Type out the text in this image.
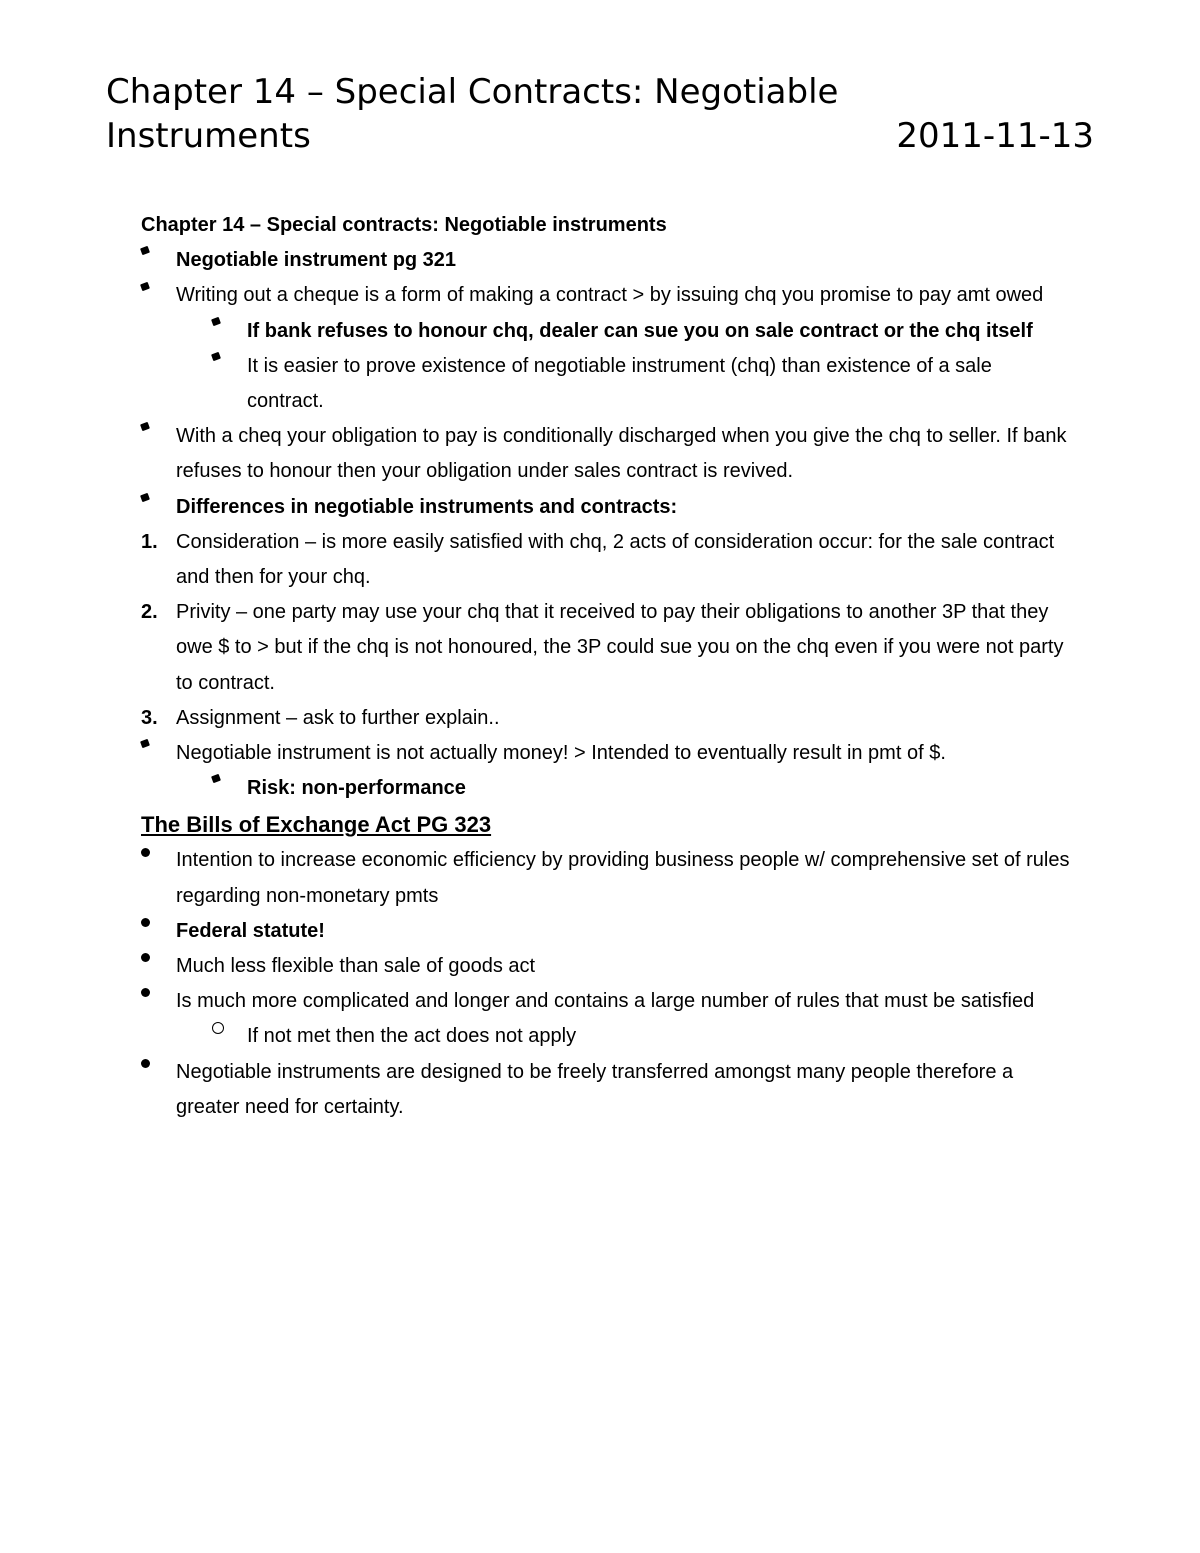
Chapter 14 – Special Contracts: Negotiable
Instruments	2011-11-13

Chapter 14 – Special contracts: Negotiable instruments

Negotiable instrument pg 321
Writing out a cheque is a form of making a contract > by issuing chq you promise to pay amt owed
If bank refuses to honour chq, dealer can sue you on sale contract or the chq itself
It is easier to prove existence of negotiable instrument (chq) than existence of a sale contract.
With a cheq your obligation to pay is conditionally discharged when you give the chq to seller. If bank refuses to honour then your obligation under sales contract is revived.
Differences in negotiable instruments and contracts:
1. Consideration – is more easily satisfied with chq, 2 acts of consideration occur: for the sale contract and then for your chq.
2. Privity – one party may use your chq that it received to pay their obligations to another 3P that they owe $ to > but if the chq is not honoured, the 3P could sue you on the chq even if you were not party to contract.
3. Assignment – ask to further explain..
Negotiable instrument is not actually money! > Intended to eventually result in pmt of $.
Risk: non-performance
The Bills of Exchange Act PG 323
Intention to increase economic efficiency by providing business people w/ comprehensive set of rules regarding non-monetary pmts
Federal statute!
Much less flexible than sale of goods act
Is much more complicated and longer and contains a large number of rules that must be satisfied
If not met then the act does not apply
Negotiable instruments are designed to be freely transferred amongst many people therefore a greater need for certainty.
